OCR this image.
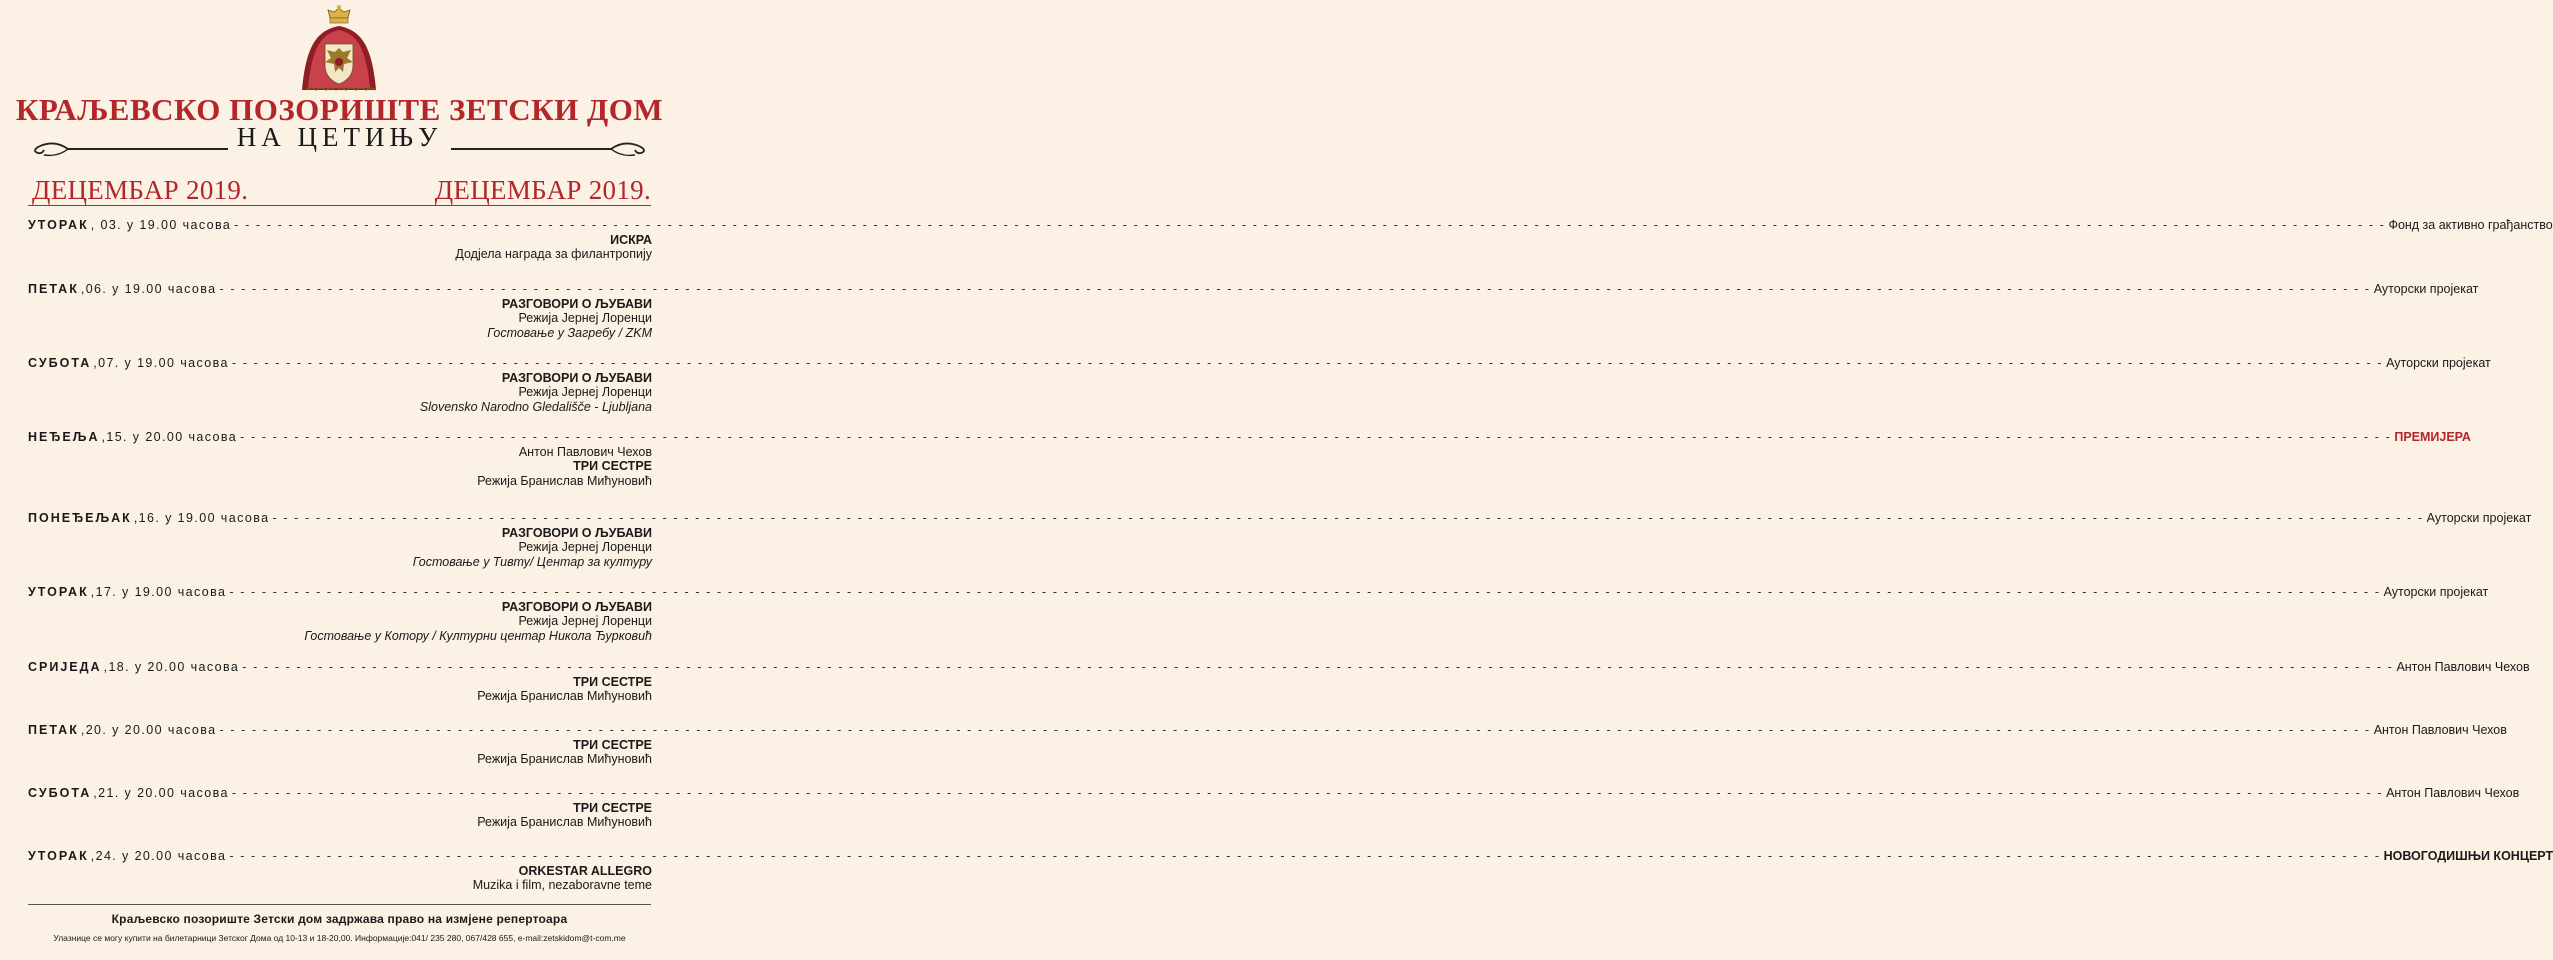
КРАЉЕВСКО ПОЗОРИШТЕ ЗЕТСКИ ДОМ
НА ЦЕТИЊУ
ДЕЦЕМБАР 2019.	ДЕЦЕМБАР 2019.
УТОРАК , 03. у 19.00 часова - - - - - - - - - - - - - - - - - - - - - - - - - - - - - - - - - - - - - - - - - - - - - - - - - - - - - - - - - - - - - - - - - - - - - - - - - - - - - - - - - - - - - - - - - - - - - - - - - - - - - - - - - - - - - - - - - - - - - - - - - - - - - - - - - - - - - - - - - - - - - - - - - - - - - - - - - - - - - - - - - - - - - - - - - - - - - - - - - - - - - - - - - - - - - - - - - - - - - - - Фонд за активно грађанство
ИСКРА
Додјела награда за филантропију
ПЕТАК ,06. у 19.00 часова - - - - - - - - - - - - - - - - - - - - - - - - - - - - - - - - - - - - - - - - - - - - - - - - - - - - - - - - - - - - - - - - - - - - - - - - - - - - - - - - - - - - - - - - - - - - - - - - - - - - - - - - - - - - - - - - - - - - - - - - - - - - - - - - - - - - - - - - - - - - - - - - - - - - - - - - - - - - - - - - - - - - - - - - - - - - - - - - - - - - - - - - - - - - - - - - - - - - - - - Ауторски пројекат
РАЗГОВОРИ О ЉУБАВИ
Режија Јернеј Лоренци
Гостовање у Загребу / ZKM
СУБОТА ,07. у 19.00 часова - - - - - - - - - - - - - - - - - - - - - - - - - - - - - - - - - - - - - - - - - - - - - - - - - - - - - - - - - - - - - - - - - - - - - - - - - - - - - - - - - - - - - - - - - - - - - - - - - - - - - - - - - - - - - - - - - - - - - - - - - - - - - - - - - - - - - - - - - - - - - - - - - - - - - - - - - - - - - - - - - - - - - - - - - - - - - - - - - - - - - - - - - - - - - - - - - - - - - - - Ауторски пројекат
РАЗГОВОРИ О ЉУБАВИ
Режија Јернеј Лоренци
Slovensko Narodno Gledališče - Ljubljana
НЕЂЕЉА ,15. у 20.00 часова - - - - - - - - - - - - - - - - - - - - - - - - - - - - - - - - - - - - - - - - - - - - - - - - - - - - - - - - - - - - - - - - - - - - - - - - - - - - - - - - - - - - - - - - - - - - - - - - - - - - - - - - - - - - - - - - - - - - - - - - - - - - - - - - - - - - - - - - - - - - - - - - - - - - - - - - - - - - - - - - - - - - - - - - - - - - - - - - - - - - - - - - - - - - - - - - - - - - - - - ПРЕМИЈЕРА
Антон Павлович Чехов
ТРИ СЕСТРЕ
Режија Бранислав Мићуновић
ПОНЕЂЕЉАК ,16. у 19.00 часова - - - - - - - - - - - - - - - - - - - - - - - - - - - - - - - - - - - - - - - - - - - - - - - - - - - - - - - - - - - - - - - - - - - - - - - - - - - - - - - - - - - - - - - - - - - - - - - - - - - - - - - - - - - - - - - - - - - - - - - - - - - - - - - - - - - - - - - - - - - - - - - - - - - - - - - - - - - - - - - - - - - - - - - - - - - - - - - - - - - - - - - - - - - - - - - - - - - - - - - Ауторски пројекат
РАЗГОВОРИ О ЉУБАВИ
Режија Јернеј Лоренци
Гостовање у Тивту/ Центар за културу
УТОРАК ,17. у 19.00 часова - - - - - - - - - - - - - - - - - - - - - - - - - - - - - - - - - - - - - - - - - - - - - - - - - - - - - - - - - - - - - - - - - - - - - - - - - - - - - - - - - - - - - - - - - - - - - - - - - - - - - - - - - - - - - - - - - - - - - - - - - - - - - - - - - - - - - - - - - - - - - - - - - - - - - - - - - - - - - - - - - - - - - - - - - - - - - - - - - - - - - - - - - - - - - - - - - - - - - - - Ауторски пројекат
РАЗГОВОРИ О ЉУБАВИ
Режија Јернеј Лоренци
Гостовање у Котору / Културни центар Никола Ђурковић
СРИЈЕДА ,18. у 20.00 часова - - - - - - - - - - - - - - - - - - - - - - - - - - - - - - - - - - - - - - - - - - - - - - - - - - - - - - - - - - - - - - - - - - - - - - - - - - - - - - - - - - - - - - - - - - - - - - - - - - - - - - - - - - - - - - - - - - - - - - - - - - - - - - - - - - - - - - - - - - - - - - - - - - - - - - - - - - - - - - - - - - - - - - - - - - - - - - - - - - - - - - - - - - - - - - - - - - - - - - - Антон Павлович Чехов
ТРИ СЕСТРЕ
Режија Бранислав Мићуновић
ПЕТАК ,20. у 20.00 часова - - - - - - - - - - - - - - - - - - - - - - - - - - - - - - - - - - - - - - - - - - - - - - - - - - - - - - - - - - - - - - - - - - - - - - - - - - - - - - - - - - - - - - - - - - - - - - - - - - - - - - - - - - - - - - - - - - - - - - - - - - - - - - - - - - - - - - - - - - - - - - - - - - - - - - - - - - - - - - - - - - - - - - - - - - - - - - - - - - - - - - - - - - - - - - - - - - - - - - - Антон Павлович Чехов
ТРИ СЕСТРЕ
Режија Бранислав Мићуновић
СУБОТА ,21. у 20.00 часова - - - - - - - - - - - - - - - - - - - - - - - - - - - - - - - - - - - - - - - - - - - - - - - - - - - - - - - - - - - - - - - - - - - - - - - - - - - - - - - - - - - - - - - - - - - - - - - - - - - - - - - - - - - - - - - - - - - - - - - - - - - - - - - - - - - - - - - - - - - - - - - - - - - - - - - - - - - - - - - - - - - - - - - - - - - - - - - - - - - - - - - - - - - - - - - - - - - - - - - Антон Павлович Чехов
ТРИ СЕСТРЕ
Режија Бранислав Мићуновић
УТОРАК ,24. у 20.00 часова - - - - - - - - - - - - - - - - - - - - - - - - - - - - - - - - - - - - - - - - - - - - - - - - - - - - - - - - - - - - - - - - - - - - - - - - - - - - - - - - - - - - - - - - - - - - - - - - - - - - - - - - - - - - - - - - - - - - - - - - - - - - - - - - - - - - - - - - - - - - - - - - - - - - - - - - - - - - - - - - - - - - - - - - - - - - - - - - - - - - - - - - - - - - - - - - - - - - - - - НОВОГОДИШЊИ КОНЦЕРТ
ORKESTAR ALLEGRO
Muzika i film, nezaboravne teme
Краљевско позориште Зетски дом задржава право на измјене репертоара
Улазнице се могу купити на билетарници Зетског Дома од 10-13 и 18-20,00. Информације:041/ 235 280, 067/428 655, e-mail:zetskidom@t-com.me
